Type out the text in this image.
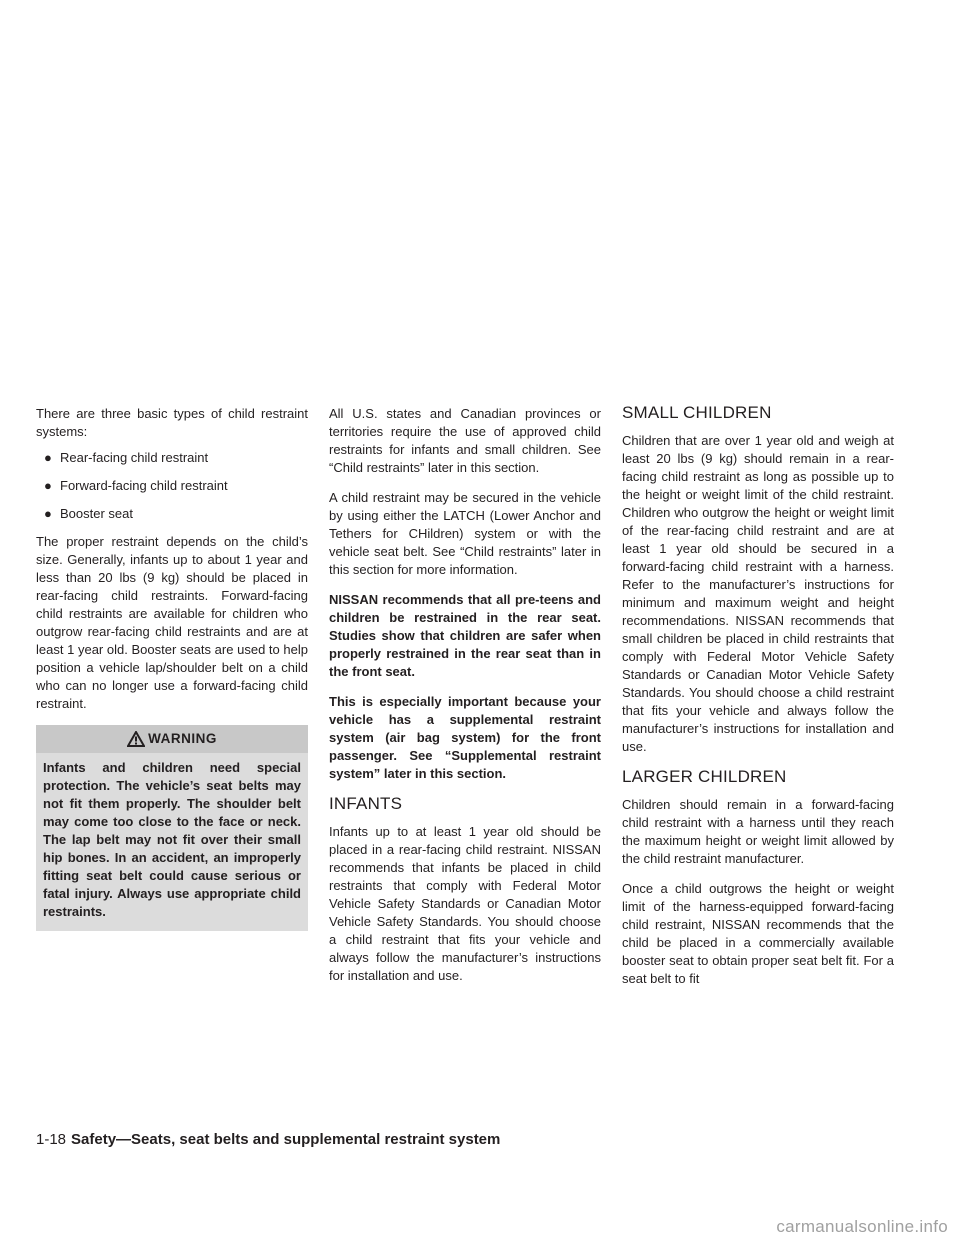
There are three basic types of child restraint systems:

● Rear-facing child restraint
● Forward-facing child restraint
● Booster seat

The proper restraint depends on the child’s size. Generally, infants up to about 1 year and less than 20 lbs (9 kg) should be placed in rear-facing child restraints. Forward-facing child restraints are available for children who outgrow rear-facing child restraints and are at least 1 year old. Booster seats are used to help position a vehicle lap/shoulder belt on a child who can no longer use a forward-facing child restraint.

WARNING
Infants and children need special protection. The vehicle’s seat belts may not fit them properly. The shoulder belt may come too close to the face or neck. The lap belt may not fit over their small hip bones. In an accident, an improperly fitting seat belt could cause serious or fatal injury. Always use appropriate child restraints.

All U.S. states and Canadian provinces or territories require the use of approved child restraints for infants and small children. See “Child restraints” later in this section.

A child restraint may be secured in the vehicle by using either the LATCH (Lower Anchor and Tethers for CHildren) system or with the vehicle seat belt. See “Child restraints” later in this section for more information.

NISSAN recommends that all pre-teens and children be restrained in the rear seat. Studies show that children are safer when properly restrained in the rear seat than in the front seat.

This is especially important because your vehicle has a supplemental restraint system (air bag system) for the front passenger. See “Supplemental restraint system” later in this section.

INFANTS

Infants up to at least 1 year old should be placed in a rear-facing child restraint. NISSAN recommends that infants be placed in child restraints that comply with Federal Motor Vehicle Safety Standards or Canadian Motor Vehicle Safety Standards. You should choose a child restraint that fits your vehicle and always follow the manufacturer’s instructions for installation and use.

SMALL CHILDREN

Children that are over 1 year old and weigh at least 20 lbs (9 kg) should remain in a rear-facing child restraint as long as possible up to the height or weight limit of the child restraint. Children who outgrow the height or weight limit of the rear-facing child restraint and are at least 1 year old should be secured in a forward-facing child restraint with a harness. Refer to the manufacturer’s instructions for minimum and maximum weight and height recommendations. NISSAN recommends that small children be placed in child restraints that comply with Federal Motor Vehicle Safety Standards or Canadian Motor Vehicle Safety Standards. You should choose a child restraint that fits your vehicle and always follow the manufacturer’s instructions for installation and use.

LARGER CHILDREN

Children should remain in a forward-facing child restraint with a harness until they reach the maximum height or weight limit allowed by the child restraint manufacturer.

Once a child outgrows the height or weight limit of the harness-equipped forward-facing child restraint, NISSAN recommends that the child be placed in a commercially available booster seat to obtain proper seat belt fit. For a seat belt to fit

1-18 Safety—Seats, seat belts and supplemental restraint system
carmanualsonline.info
